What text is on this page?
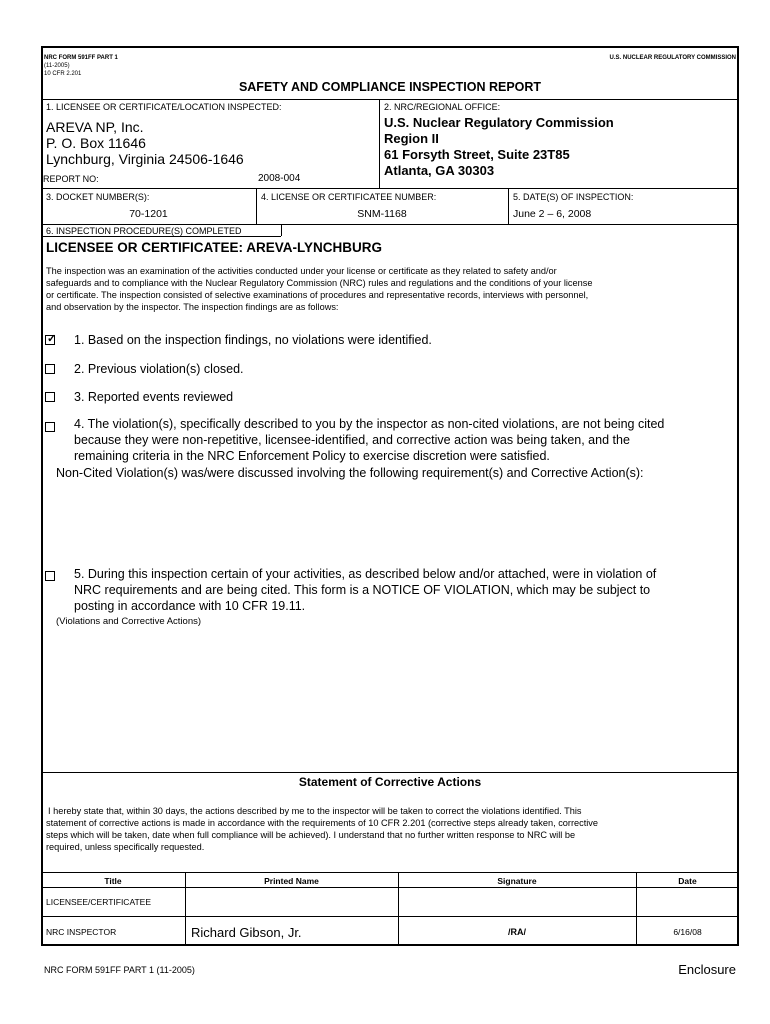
NRC FORM 591FF PART 1
(11-2005)
10 CFR 2.201
U.S. NUCLEAR REGULATORY COMMISSION
SAFETY AND COMPLIANCE INSPECTION REPORT
1. LICENSEE OR CERTIFICATE/LOCATION INSPECTED:
AREVA NP, Inc.
P. O. Box 11646
Lynchburg, Virginia 24506-1646
REPORT NO:	2008-004
2. NRC/REGIONAL OFFICE:
U.S. Nuclear Regulatory Commission
Region II
61 Forsyth Street, Suite 23T85
Atlanta, GA 30303
3. DOCKET NUMBER(S):
70-1201
4. LICENSE OR CERTIFICATEE NUMBER:
SNM-1168
5. DATE(S) OF INSPECTION:
June 2 – 6, 2008
6. INSPECTION PROCEDURE(S) COMPLETED
LICENSEE OR CERTIFICATEE: AREVA-LYNCHBURG
The inspection was an examination of the activities conducted under your license or certificate as they related to safety and/or
safeguards and to compliance with the Nuclear Regulatory Commission (NRC) rules and regulations and the conditions of your license
or certificate. The inspection consisted of selective examinations of procedures and representative records, interviews with personnel,
and observation by the inspector. The inspection findings are as follows:
✓ 1. Based on the inspection findings, no violations were identified.
2. Previous violation(s) closed.
3. Reported events reviewed
4. The violation(s), specifically described to you by the inspector as non-cited violations, are not being cited
because they were non-repetitive, licensee-identified, and corrective action was being taken, and the
remaining criteria in the NRC Enforcement Policy to exercise discretion were satisfied.
Non-Cited Violation(s) was/were discussed involving the following requirement(s) and Corrective Action(s):
5. During this inspection certain of your activities, as described below and/or attached, were in violation of
NRC requirements and are being cited. This form is a NOTICE OF VIOLATION, which may be subject to
posting in accordance with 10 CFR 19.11.
(Violations and Corrective Actions)
Statement of Corrective Actions
I hereby state that, within 30 days, the actions described by me to the inspector will be taken to correct the violations identified. This
statement of corrective actions is made in accordance with the requirements of 10 CFR 2.201 (corrective steps already taken, corrective
steps which will be taken, date when full compliance will be achieved). I understand that no further written response to NRC will be
required, unless specifically requested.
Title	Printed Name	Signature	Date
LICENSEE/CERTIFICATEE
NRC INSPECTOR	Richard Gibson, Jr.	/RA/	6/16/08
NRC FORM 591FF PART 1 (11-2005)	Enclosure
